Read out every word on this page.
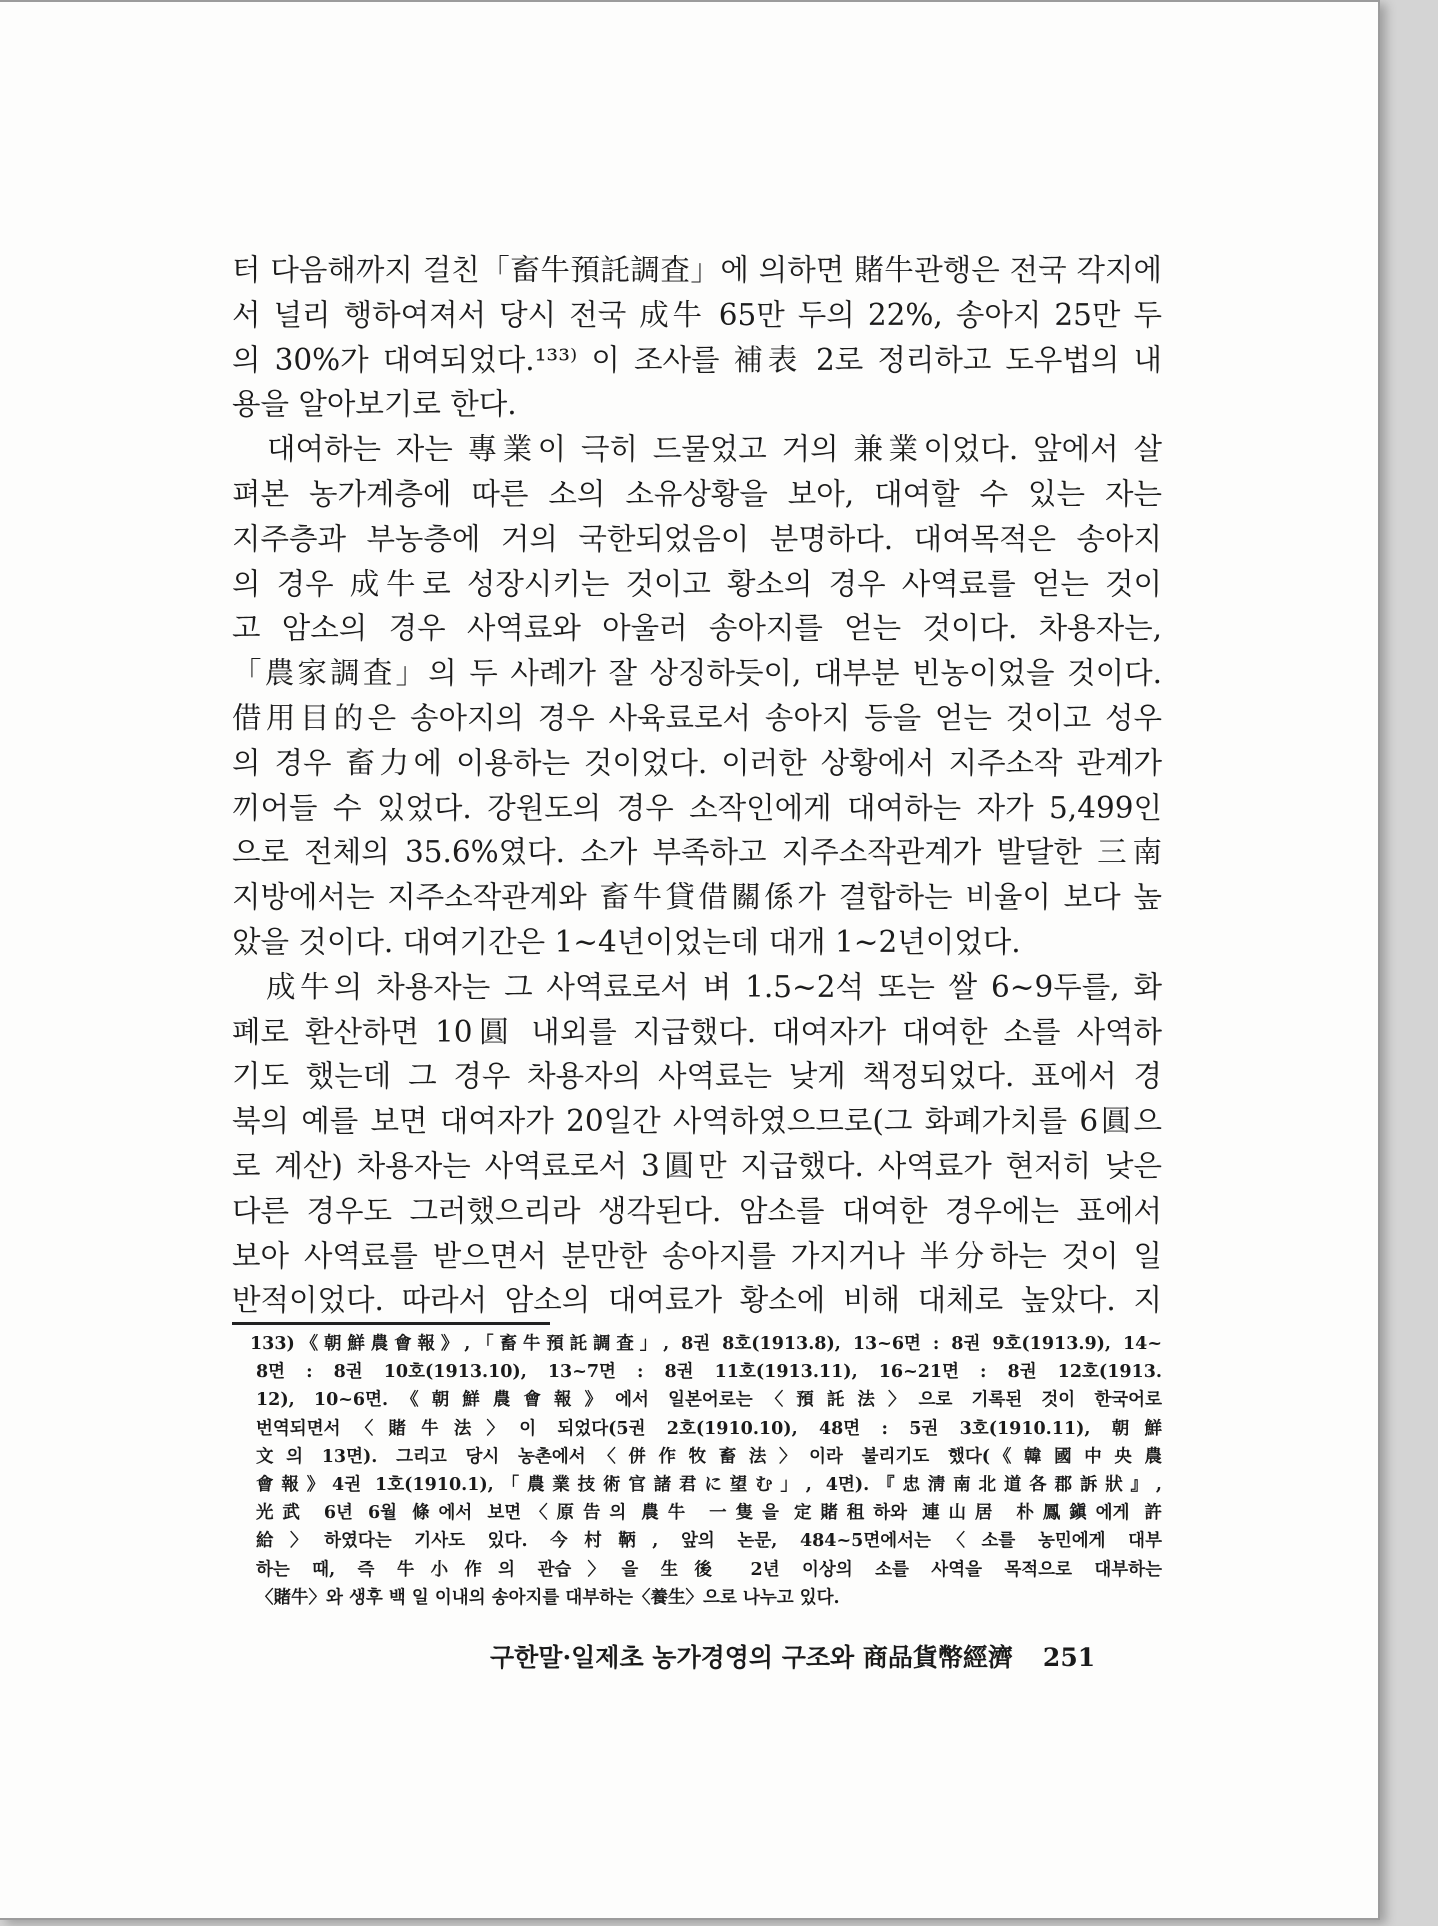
터 다음해까지 걸친「畜牛預託調査」에 의하면 賭牛관행은 전국 각지에
서 널리 행하여져서 당시 전국 成牛 65만 두의 22%, 송아지 25만 두
의 30%가 대여되었다.¹³³⁾ 이 조사를 補表 2로 정리하고 도우법의 내
용을 알아보기로 한다.
　대여하는 자는 專業이 극히 드물었고 거의 兼業이었다. 앞에서 살
펴본 농가계층에 따른 소의 소유상황을 보아, 대여할 수 있는 자는
지주층과 부농층에 거의 국한되었음이 분명하다. 대여목적은 송아지
의 경우 成牛로 성장시키는 것이고 황소의 경우 사역료를 얻는 것이
고 암소의 경우 사역료와 아울러 송아지를 얻는 것이다. 차용자는,
「農家調査」의 두 사례가 잘 상징하듯이, 대부분 빈농이었을 것이다.
借用目的은 송아지의 경우 사육료로서 송아지 등을 얻는 것이고 성우
의 경우 畜力에 이용하는 것이었다. 이러한 상황에서 지주소작 관계가
끼어들 수 있었다. 강원도의 경우 소작인에게 대여하는 자가 5,499인
으로 전체의 35.6%였다. 소가 부족하고 지주소작관계가 발달한 三南
지방에서는 지주소작관계와 畜牛貸借關係가 결합하는 비율이 보다 높
았을 것이다. 대여기간은 1~4년이었는데 대개 1~2년이었다.
　成牛의 차용자는 그 사역료로서 벼 1.5~2석 또는 쌀 6~9두를, 화
폐로 환산하면 10圓 내외를 지급했다. 대여자가 대여한 소를 사역하
기도 했는데 그 경우 차용자의 사역료는 낮게 책정되었다. 표에서 경
북의 예를 보면 대여자가 20일간 사역하였으므로(그 화폐가치를 6圓으
로 계산) 차용자는 사역료로서 3圓만 지급했다. 사역료가 현저히 낮은
다른 경우도 그러했으리라 생각된다. 암소를 대여한 경우에는 표에서
보아 사역료를 받으면서 분만한 송아지를 가지거나 半分하는 것이 일
반적이었다. 따라서 암소의 대여료가 황소에 비해 대체로 높았다. 지
133)《朝鮮農會報》,「畜牛預託調査」, 8권 8호(1913.8), 13~6면 : 8권 9호(1913.9), 14~
8면 : 8권 10호(1913.10), 13~7면 : 8권 11호(1913.11), 16~21면 : 8권 12호(1913.
12), 10~6면.《朝鮮農會報》에서 일본어로는〈預託法〉으로 기록된 것이 한국어로
번역되면서〈賭牛法〉이 되었다(5권 2호(1910.10), 48면 : 5권 3호(1910.11), 朝鮮
文의 13면). 그리고 당시 농촌에서〈併作牧畜法〉이라 불리기도 했다(《韓國中央農
會報》4권 1호(1910.1),「農業技術官諸君に望む」, 4면).『忠淸南北道各郡訴狀』,
光武 6년 6월 條에서 보면〈原告의 農牛 一隻을 定賭租하와 連山居 朴鳳鎭에게 許
給〉하였다는 기사도 있다. 今村鞆, 앞의 논문, 484~5면에서는〈소를 농민에게 대부
하는 때, 즉 牛小作의 관습〉을 生後 2년 이상의 소를 사역을 목적으로 대부하는
〈賭牛〉와 생후 백 일 이내의 송아지를 대부하는〈養生〉으로 나누고 있다.
구한말·일제초 농가경영의 구조와 商品貨幣經濟 251
